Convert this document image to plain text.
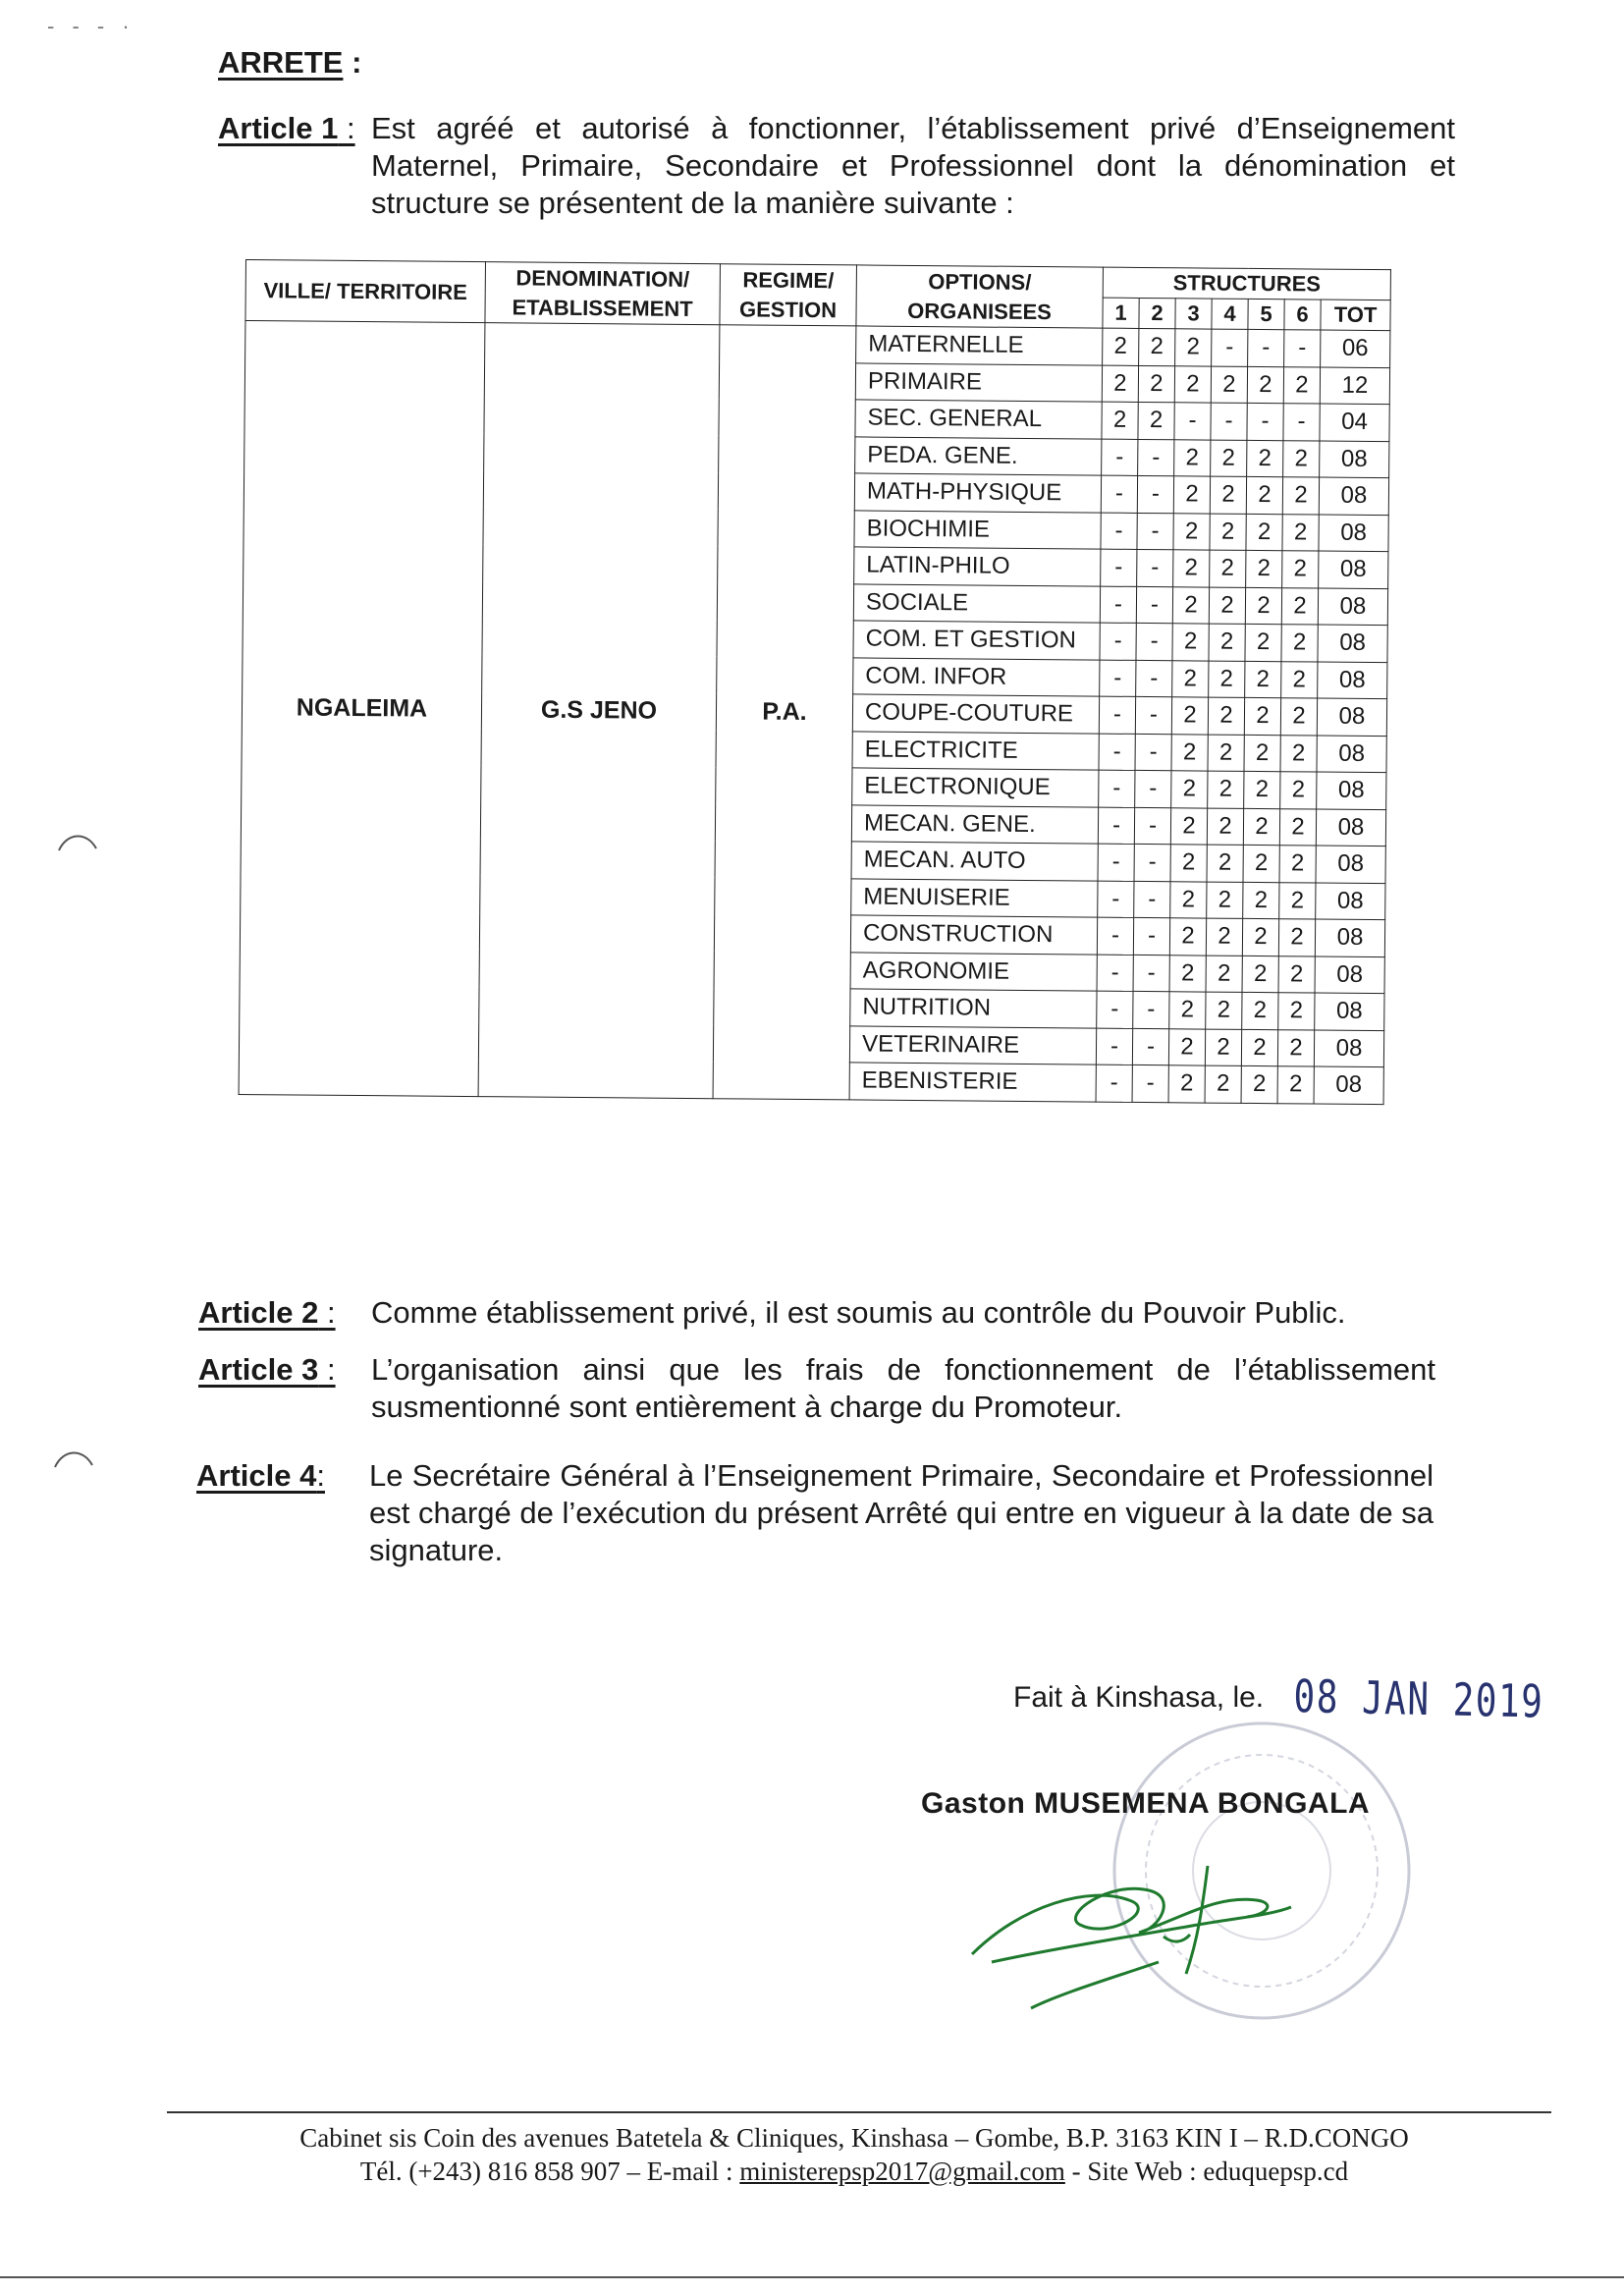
- - - ·
ARRETE :
Article 1 : Est agréé et autorisé à fonctionner, l’établissement privé d’Enseignement Maternel, Primaire, Secondaire et Professionnel dont la dénomination et structure se présentent de la manière suivante :
VILLE/ TERRITOIRE	DENOMINATION/ ETABLISSEMENT	REGIME/ GESTION	OPTIONS/ ORGANISEES	STRUCTURES						
				1	2	3	4	5	6	TOT
NGALEIMA	G.S JENO	P.A.	MATERNELLE	2	2	2	-	-	-	06
			PRIMAIRE	2	2	2	2	2	2	12
			SEC. GENERAL	2	2	-	-	-	-	04
			PEDA. GENE.	-	-	2	2	2	2	08
			MATH-PHYSIQUE	-	-	2	2	2	2	08
			BIOCHIMIE	-	-	2	2	2	2	08
			LATIN-PHILO	-	-	2	2	2	2	08
			SOCIALE	-	-	2	2	2	2	08
			COM. ET GESTION	-	-	2	2	2	2	08
			COM. INFOR	-	-	2	2	2	2	08
			COUPE-COUTURE	-	-	2	2	2	2	08
			ELECTRICITE	-	-	2	2	2	2	08
			ELECTRONIQUE	-	-	2	2	2	2	08
			MECAN. GENE.	-	-	2	2	2	2	08
			MECAN. AUTO	-	-	2	2	2	2	08
			MENUISERIE	-	-	2	2	2	2	08
			CONSTRUCTION	-	-	2	2	2	2	08
			AGRONOMIE	-	-	2	2	2	2	08
			NUTRITION	-	-	2	2	2	2	08
			VETERINAIRE	-	-	2	2	2	2	08
			EBENISTERIE	-	-	2	2	2	2	08
Article 2 : Comme établissement privé, il est soumis au contrôle du Pouvoir Public.
Article 3 : L’organisation ainsi que les frais de fonctionnement de l’établissement susmentionné sont entièrement à charge du Promoteur.
Article 4: Le Secrétaire Général à l’Enseignement Primaire, Secondaire et Professionnel est chargé de l’exécution du présent Arrêté qui entre en vigueur à la date de sa signature.
Fait à Kinshasa, le. 08 JAN 2019
Gaston MUSEMENA BONGALA
Cabinet sis Coin des avenues Batetela & Cliniques, Kinshasa – Gombe, B.P. 3163 KIN I – R.D.CONGO
Tél. (+243) 816 858 907 – E-mail : ministerepsp2017@gmail.com - Site Web : eduquepsp.cd
